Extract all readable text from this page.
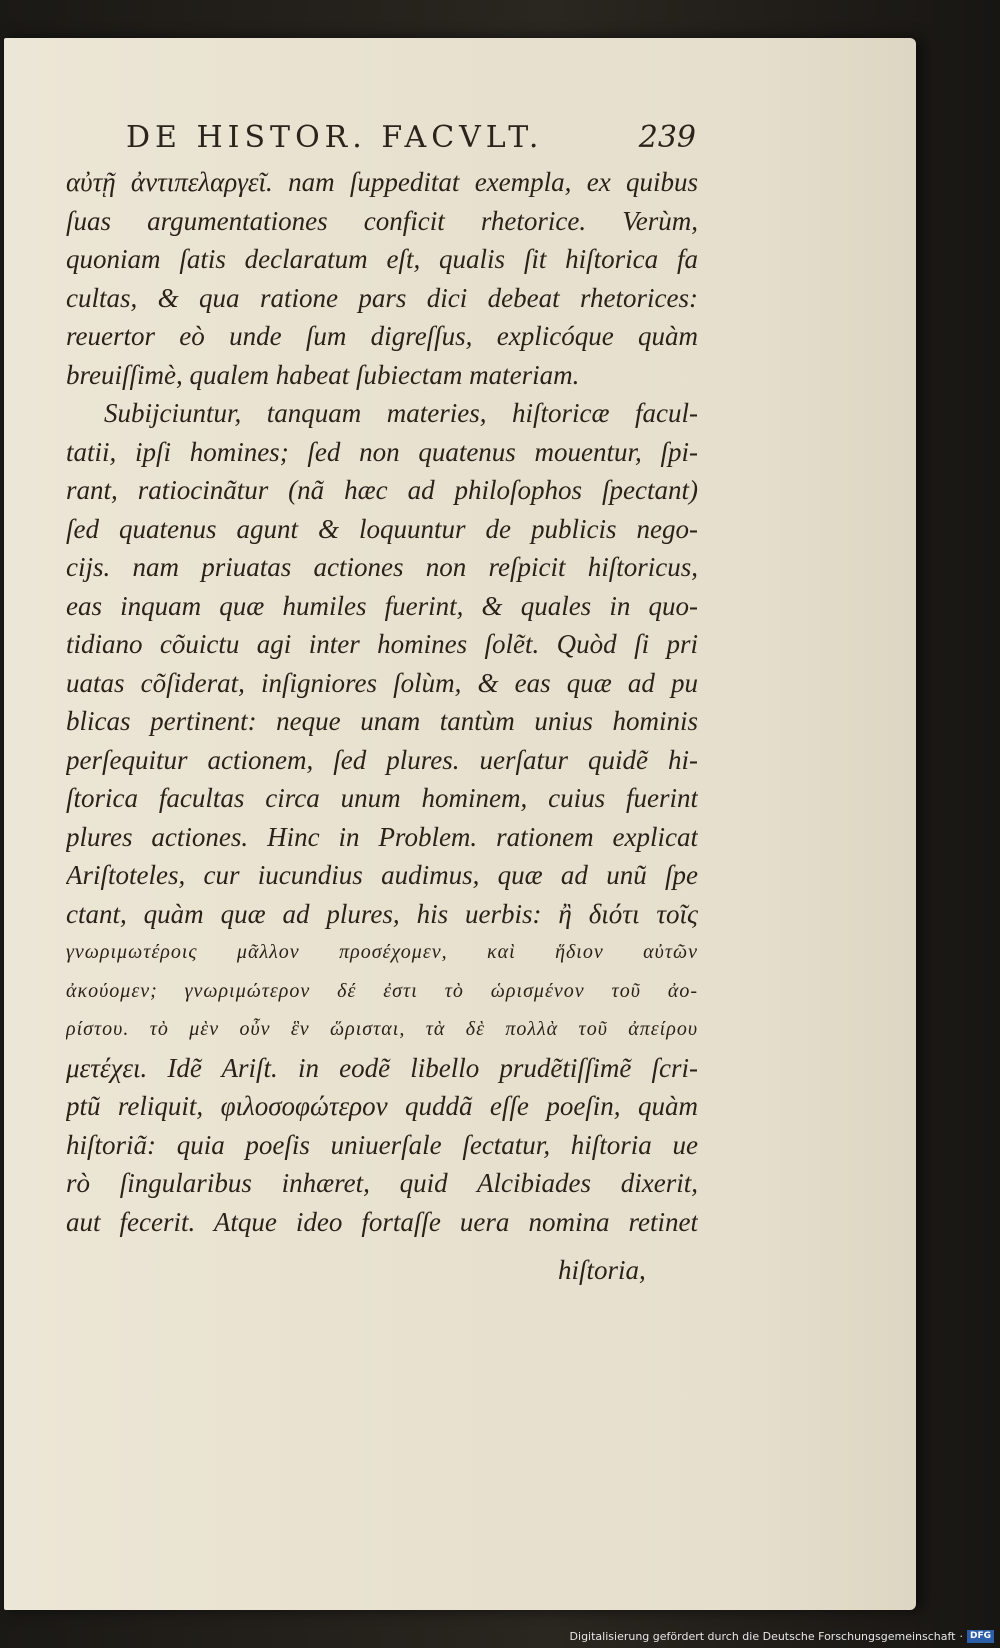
DE HISTOR. FACVLT.	239
αὐτῇ ἀντιπελαργεῖ. nam ſuppeditat exempla, ex quibus
ſuas argumentationes conficit rhetorice. Verùm,
quoniam ſatis declaratum eſt, qualis ſit hiſtorica fa
cultas, & qua ratione pars dici debeat rhetorices:
reuertor eò unde ſum digreſſus, explicóque quàm
breuiſſimè, qualem habeat ſubiectam materiam.
Subijciuntur, tanquam materies, hiſtoricæ facul-
tatii, ipſi homines; ſed non quatenus mouentur, ſpi-
rant, ratiocinãtur (nã hæc ad philoſophos ſpectant)
ſed quatenus agunt & loquuntur de publicis nego-
cijs. nam priuatas actiones non reſpicit hiſtoricus,
eas inquam quæ humiles fuerint, & quales in quo-
tidiano cõuictu agi inter homines ſolẽt. Quòd ſi pri
uatas cõſiderat, inſigniores ſolùm, & eas quæ ad pu
blicas pertinent: neque unam tantùm unius hominis
perſequitur actionem, ſed plures. uerſatur quidẽ hi-
ſtorica facultas circa unum hominem, cuius fuerint
plures actiones. Hinc in Problem. rationem explicat
Ariſtoteles, cur iucundius audimus, quæ ad unũ ſpe
ctant, quàm quæ ad plures, his uerbis: ἢ διότι τοῖς
γνωριμωτέροις μᾶλλον προσέχομεν, καὶ ἥδιον αὐτῶν
ἀκούομεν; γνωριμώτερον δέ ἐστι τὸ ὡρισμένον τοῦ ἀο-
ρίστου. τὸ μὲν οὖν ἓν ὥρισται, τὰ δὲ πολλὰ τοῦ ἀπείρου
μετέχει. Idẽ Ariſt. in eodẽ libello prudẽtiſſimẽ ſcri-
ptũ reliquit, φιλοσοφώτερον quddã eſſe poeſin, quàm
hiſtoriã: quia poeſis uniuerſale ſectatur, hiſtoria ue
rò ſingularibus inhæret, quid Alcibiades dixerit,
aut fecerit. Atque ideo fortaſſe uera nomina retinet
hiſtoria,
Digitalisierung gefördert durch die Deutsche Forschungsgemeinschaft · DFG
